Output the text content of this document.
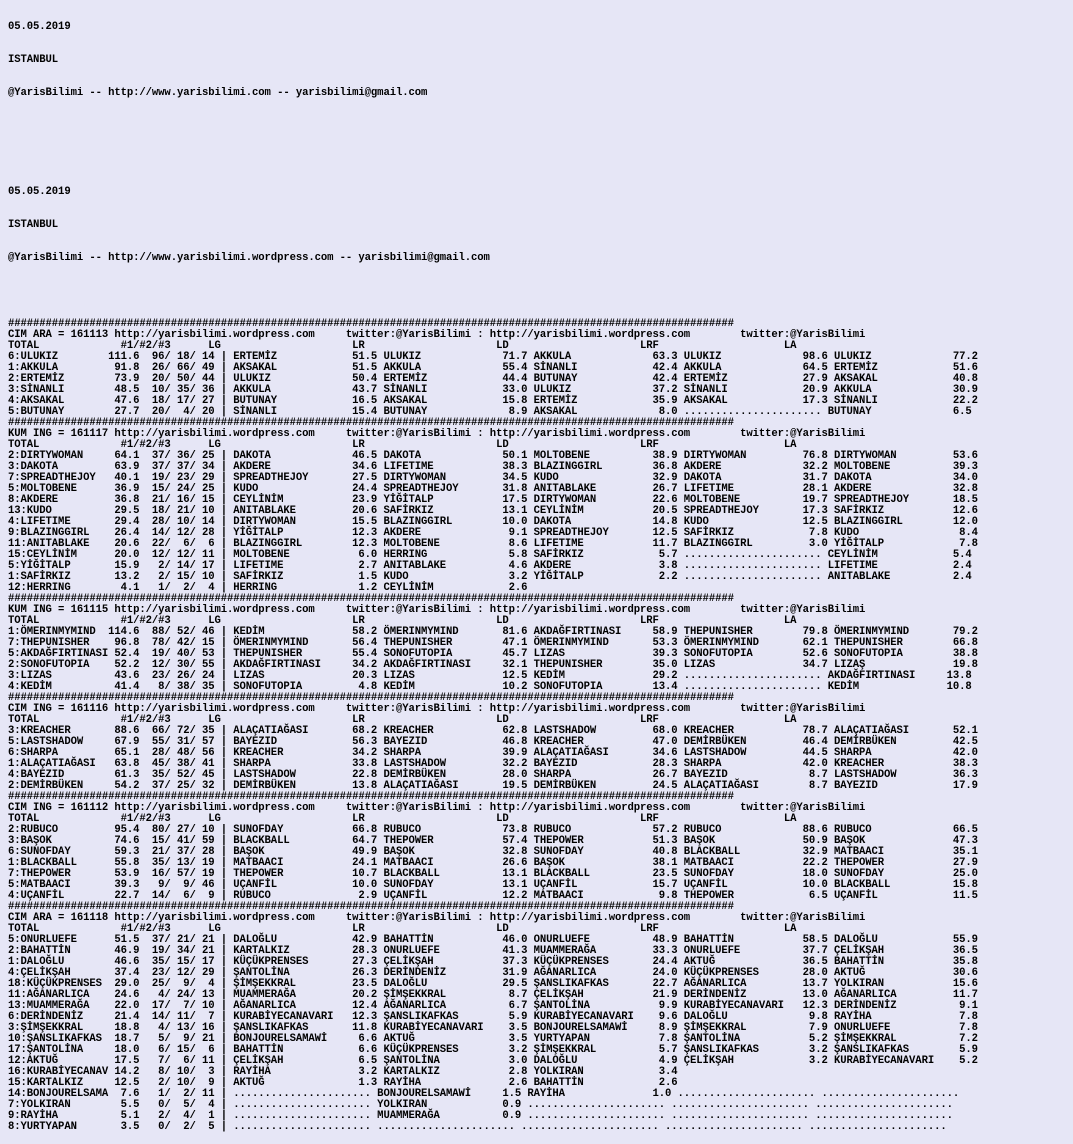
05.05.2019

ISTANBUL

@YarisBilimi -- http://www.yarisbilimi.com -- yarisbilimi@gmail.com

05.05.2019

ISTANBUL

@YarisBilimi -- http://www.yarisbilimi.wordpress.com -- yarisbilimi@gmail.com

####################################################################################################################
CIM ARA = 161113 http://yarisbilimi.wordpress.com     twitter:@YarisBilimi : http://yarisbilimi.wordpress.com        twitter:@YarisBilimi
TOTAL             #1/#2/#3      LG                     LR                     LD                     LRF                    LA
6:ULUKIZ        111.6  96/ 18/ 14 | ERTEMİZ            51.5 ULUKIZ             71.7 AKKULA             63.3 ULUKIZ             98.6 ULUKIZ             77.2
1:AKKULA         91.8  26/ 66/ 49 | AKSAKAL            51.5 AKKULA             55.4 SİNANLI            42.4 AKKULA             64.5 ERTEMİZ            51.6
2:ERTEMİZ        73.9  20/ 50/ 44 | ULUKIZ             50.4 ERTEMİZ            44.4 BUTUNAY            42.4 ERTEMİZ            27.9 AKSAKAL            40.8
3:SİNANLI        48.5  10/ 35/ 36 | AKKULA             43.7 SİNANLI            33.0 ULUKIZ             37.2 SİNANLI            20.9 AKKULA             30.9
4:AKSAKAL        47.6  18/ 17/ 27 | BUTUNAY            16.5 AKSAKAL            15.8 ERTEMİZ            35.9 AKSAKAL            17.3 SİNANLI            22.2
5:BUTUNAY        27.7  20/  4/ 20 | SİNANLI            15.4 BUTUNAY             8.9 AKSAKAL             8.0 ...................... BUTUNAY             6.5
####################################################################################################################
KUM ING = 161117 http://yarisbilimi.wordpress.com     twitter:@YarisBilimi : http://yarisbilimi.wordpress.com        twitter:@YarisBilimi
TOTAL             #1/#2/#3      LG                     LR                     LD                     LRF                    LA
2:DIRTYWOMAN     64.1  37/ 36/ 25 | DAKOTA             46.5 DAKOTA             50.1 MOLTOBENE          38.9 DIRTYWOMAN         76.8 DIRTYWOMAN         53.6
3:DAKOTA         63.9  37/ 37/ 34 | AKDERE             34.6 LIFETIME           38.3 BLAZINGGIRL        36.8 AKDERE             32.2 MOLTOBENE          39.3
7:SPREADTHEJOY   40.1  19/ 23/ 29 | SPREADTHEJOY       27.5 DIRTYWOMAN         34.5 KUDO               32.9 DAKOTA             31.7 DAKOTA             34.0
5:MOLTOBENE      36.9  15/ 24/ 25 | KUDO               24.4 SPREADTHEJOY       31.8 ANITABLAKE         26.7 LIFETIME           28.1 AKDERE             32.8
8:AKDERE         36.8  21/ 16/ 15 | CEYLİNİM           23.9 YİĞİTALP           17.5 DIRTYWOMAN         22.6 MOLTOBENE          19.7 SPREADTHEJOY       18.5
13:KUDO          29.5  18/ 21/ 10 | ANITABLAKE         20.6 SAFİRKIZ           13.1 CEYLİNİM           20.5 SPREADTHEJOY       17.3 SAFİRKIZ           12.6
4:LIFETIME       29.4  28/ 10/ 14 | DIRTYWOMAN         15.5 BLAZINGGIRL        10.0 DAKOTA             14.8 KUDO               12.5 BLAZINGGIRL        12.0
9:BLAZINGGIRL    26.4  14/ 12/ 28 | YİĞİTALP           12.3 AKDERE              9.1 SPREADTHEJOY       12.5 SAFİRKIZ            7.8 KUDO                8.4
11:ANITABLAKE    20.6  22/  6/  6 | BLAZINGGIRL        12.3 MOLTOBENE           8.6 LIFETIME           11.7 BLAZINGGIRL         3.0 YİĞİTALP            7.8
15:CEYLİNİM      20.0  12/ 12/ 11 | MOLTOBENE           6.0 HERRING             5.8 SAFİRKIZ            5.7 ...................... CEYLİNİM            5.4
5:YİĞİTALP       15.9   2/ 14/ 17 | LIFETIME            2.7 ANITABLAKE          4.6 AKDERE              3.8 ...................... LIFETIME            2.4
1:SAFİRKIZ       13.2   2/ 15/ 10 | SAFİRKIZ            1.5 KUDO                3.2 YİĞİTALP            2.2 ...................... ANITABLAKE          2.4
12:HERRING        4.1   1/  2/  4 | HERRING             1.2 CEYLİNİM            2.6
####################################################################################################################
KUM ING = 161115 http://yarisbilimi.wordpress.com     twitter:@YarisBilimi : http://yarisbilimi.wordpress.com        twitter:@YarisBilimi
TOTAL             #1/#2/#3      LG                     LR                     LD                     LRF                    LA
1:ÖMERINMYMIND  114.6  88/ 52/ 46 | KEDİM              58.2 ÖMERINMYMIND       81.6 AKDAĞFIRTINASI     58.9 THEPUNISHER        79.8 ÖMERINMYMIND       79.2
7:THEPUNISHER    96.8  78/ 42/ 15 | ÖMERINMYMIND       56.4 THEPUNISHER        47.1 ÖMERINMYMIND       53.3 ÖMERINMYMIND       62.1 THEPUNISHER        66.8
5:AKDAĞFIRTINASI 52.4  19/ 40/ 53 | THEPUNISHER        55.4 SONOFUTOPIA        45.7 LIZAS              39.3 SONOFUTOPIA        52.6 SONOFUTOPIA        38.8
2:SONOFUTOPIA    52.2  12/ 30/ 55 | AKDAĞFIRTINASI     34.2 AKDAĞFIRTINASI     32.1 THEPUNISHER        35.0 LIZAS              34.7 LIZAŞ              19.8
3:LIZAS          43.6  23/ 26/ 24 | LIZAS              20.3 LIZAS              12.5 KEDİM              29.2 ...................... AKDAĞFIRTINASI     13.8
4:KEDİM          41.4   8/ 38/ 35 | SONOFUTOPIA         4.8 KEDİM              10.2 SONOFUTOPIA        13.4 ...................... KEDİM              10.8
####################################################################################################################
CIM ING = 161116 http://yarisbilimi.wordpress.com     twitter:@YarisBilimi : http://yarisbilimi.wordpress.com        twitter:@YarisBilimi
TOTAL             #1/#2/#3      LG                     LR                     LD                     LRF                    LA
3:KREACHER       88.6  66/ 72/ 35 | ALAÇATIAĞASI       68.2 KREACHER           62.8 LASTSHADOW         68.0 KREACHER           78.7 ALAÇATIAĞASI       52.1
5:LASTSHADOW     67.9  55/ 31/ 57 | BAYEZID            56.3 BAYEZID            46.8 KREACHER           47.0 DEMİRBÜKEN         46.4 DEMİRBÜKEN         42.5
6:SHARPA         65.1  28/ 48/ 56 | KREACHER           34.2 SHARPA             39.9 ALAÇATIAĞASI       34.6 LASTSHADOW         44.5 SHARPA             42.0
1:ALAÇATIAĞASI   63.8  45/ 38/ 41 | SHARPA             33.8 LASTSHADOW         32.2 BAYEZID            28.3 SHARPA             42.0 KREACHER           38.3
4:BAYEZID        61.3  35/ 52/ 45 | LASTSHADOW         22.8 DEMİRBÜKEN         28.0 SHARPA             26.7 BAYEZID             8.7 LASTSHADOW         36.3
2:DEMİRBÜKEN     54.2  37/ 25/ 32 | DEMİRBÜKEN         13.8 ALAÇATIAĞASI       19.5 DEMİRBÜKEN         24.5 ALAÇATIAĞASI        8.7 BAYEZID            17.9
####################################################################################################################
CIM ING = 161112 http://yarisbilimi.wordpress.com     twitter:@YarisBilimi : http://yarisbilimi.wordpress.com        twitter:@YarisBilimi
TOTAL             #1/#2/#3      LG                     LR                     LD                     LRF                    LA
2:RUBUCO         95.4  80/ 27/ 10 | SUNOFDAY           66.8 RUBUCO             73.8 RUBUCO             57.2 RUBUCO             88.6 RUBUCO             66.5
3:BAŞOK          74.6  15/ 41/ 59 | BLACKBALL          64.7 THEPOWER           57.4 THEPOWER           51.3 BAŞOK              50.9 BAŞOK              47.3
6:SUNOFDAY       59.3  21/ 37/ 28 | BAŞOK              49.9 BAŞOK              32.8 SUNOFDAY           40.8 BLACKBALL          32.9 MATBAACI           35.1
1:BLACKBALL      55.8  35/ 13/ 19 | MATBAACI           24.1 MATBAACI           26.6 BAŞOK              38.1 MATBAACI           22.2 THEPOWER           27.9
7:THEPOWER       53.9  16/ 57/ 19 | THEPOWER           10.7 BLACKBALL          13.1 BLACKBALL          23.5 SUNOFDAY           18.0 SUNOFDAY           25.0
5:MATBAACI       39.3   9/  9/ 46 | UÇANFİL            10.0 SUNOFDAY           13.1 UÇANFİL            15.7 UÇANFİL            10.0 BLACKBALL          15.8
4:UÇANFİL        22.7  14/  6/  9 | RUBUCO              2.9 UÇANFİL            12.2 MATBAACI            9.8 THEPOWER            6.5 UÇANFİL            11.5
####################################################################################################################
CIM ARA = 161118 http://yarisbilimi.wordpress.com     twitter:@YarisBilimi : http://yarisbilimi.wordpress.com        twitter:@YarisBilimi
TOTAL             #1/#2/#3      LG                     LR                     LD                     LRF                    LA
5:ONURLUEFE      51.5  37/ 21/ 21 | DALOĞLU            42.9 BAHATTİN           46.0 ONURLUEFE          48.9 BAHATTİN           58.5 DALOĞLU            55.9
2:BAHATTİN       46.9  19/ 34/ 21 | KARTALKIZ          28.3 ONURLUEFE          41.3 MUAMMERAĞA         33.3 ONURLUEFE          37.7 ÇELİKŞAH           36.5
1:DALOĞLU        46.6  35/ 15/ 17 | KÜÇÜKPRENSES       27.3 ÇELİKŞAH           37.3 KÜÇÜKPRENSES       24.4 AKTUĞ              36.5 BAHATTİN           35.8
4:ÇELİKŞAH       37.4  23/ 12/ 29 | ŞANTOLİNA          26.3 DERİNDENİZ         31.9 AĞANARLICA         24.0 KÜÇÜKPRENSES       28.0 AKTUĞ              30.6
18:KÜÇÜKPRENSES  29.0  25/  9/  4 | ŞİMŞEKKRAL         23.5 DALOĞLU            29.5 ŞANSLIKAFKAS       22.7 AĞANARLICA         13.7 YOLKIRAN           15.6
11:AĞANARLICA    24.6   4/ 24/ 13 | MUAMMERAĞA         20.2 ŞİMŞEKKRAL          8.7 ÇELİKŞAH           21.9 DERİNDENİZ         13.0 AĞANARLICA         11.7
13:MUAMMERAĞA    22.0  17/  7/ 10 | AĞANARLICA         12.4 AĞANARLICA          6.7 ŞANTOLİNA           9.9 KURABİYECANAVARI   12.3 DERİNDENİZ          9.1
6:DERİNDENİZ     21.4  14/ 11/  7 | KURABİYECANAVARI   12.3 ŞANSLIKAFKAS        5.9 KURABİYECANAVARI    9.6 DALOĞLU             9.8 RAYİHA              7.8
3:ŞİMŞEKKRAL     18.8   4/ 13/ 16 | ŞANSLIKAFKAS       11.8 KURABİYECANAVARI    3.5 BONJOURELSAMAWİ     8.9 ŞİMŞEKKRAL          7.9 ONURLUEFE           7.8
10:ŞANSLIKAFKAS  18.7   5/  9/ 21 | BONJOURELSAMAWİ     6.6 AKTUĞ               3.5 YURTYAPAN           7.8 ŞANTOLİNA           5.2 ŞİMŞEKKRAL          7.2
17:ŞANTOLİNA     18.0   6/ 15/  6 | BAHATTİN            6.6 KÜÇÜKPRENSES        3.2 ŞİMŞEKKRAL          5.7 ŞANSLIKAFKAS        3.2 ŞANSLIKAFKAS        5.9
12:AKTUĞ         17.5   7/  6/ 11 | ÇELİKŞAH            6.5 ŞANTOLİNA           3.0 DALOĞLU             4.9 ÇELİKŞAH            3.2 KURABİYECANAVARI    5.2
16:KURABİYECANAV 14.2   8/ 10/  3 | RAYİHA              3.2 KARTALKIZ           2.8 YOLKIRAN            3.4
15:KARTALKIZ     12.5   2/ 10/  9 | AKTUĞ               1.3 RAYİHA              2.6 BAHATTİN            2.6
14:BONJOURELSAMA  7.6   1/  2/ 11 | ...................... BONJOURELSAMAWİ     1.5 RAYİHA              1.0 ...................... ......................
7:YOLKIRAN        5.5   0/  5/  4 | ...................... YOLKIRAN            0.9 ...................... ...................... ......................
9:RAYİHA          5.1   2/  4/  1 | ...................... MUAMMERAĞA          0.9 ...................... ...................... ......................
8:YURTYAPAN       3.5   0/  2/  5 | ...................... ...................... ...................... ...................... ......................
